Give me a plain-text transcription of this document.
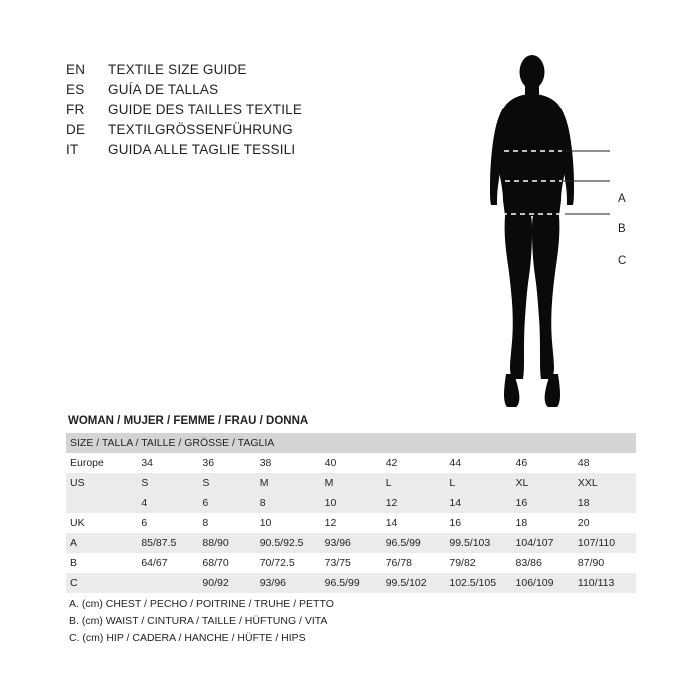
EN	TEXTILE SIZE GUIDE
ES	GUÍA DE TALLAS
FR	GUIDE DES TAILLES TEXTILE
DE	TEXTILGRÖSSENFÜHRUNG
IT	GUIDA ALLE TAGLIE TESSILI
A
B
C
WOMAN / MUJER / FEMME / FRAU / DONNA
SIZE / TALLA / TAILLE / GRÖSSE / TAGLIA								
Europe	34	36	38	40	42	44	46	48
US	S	S	M	M	L	L	XL	XXL
	4	6	8	10	12	14	16	18
UK	6	8	10	12	14	16	18	20
A	85/87.5	88/90	90.5/92.5	93/96	96.5/99	99.5/103	104/107	107/110
B	64/67	68/70	70/72.5	73/75	76/78	79/82	83/86	87/90
C		90/92	93/96	96.5/99	99.5/102	102.5/105	106/109	110/113
A. (cm) CHEST / PECHO / POITRINE / TRUHE / PETTO
B. (cm) WAIST / CINTURA / TAILLE / HÜFTUNG / VITA
C. (cm) HIP / CADERA / HANCHE / HÜFTE / HIPS
